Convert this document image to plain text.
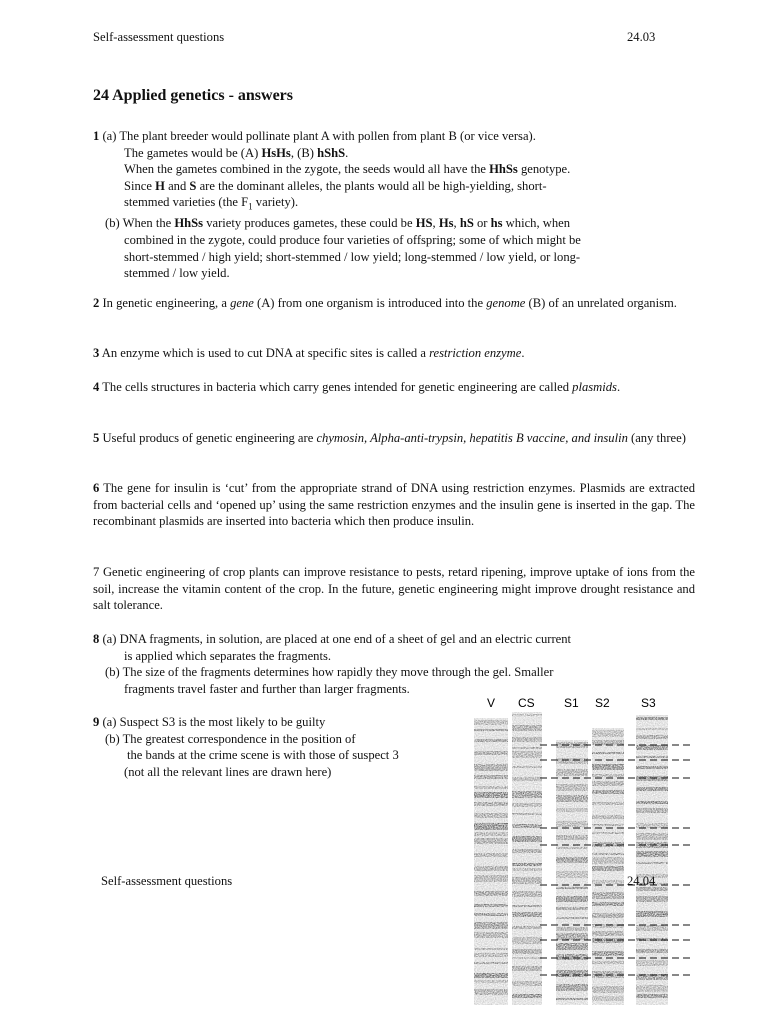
Self-assessment questions	24.03
24 Applied genetics - answers
1 (a) The plant breeder would pollinate plant A with pollen from plant B (or vice versa).
The gametes would be (A) HsHs, (B) hShS.
When the gametes combined in the zygote, the seeds would all have the HhSs genotype.
Since H and S are the dominant alleles, the plants would all be high-yielding, short-
stemmed varieties (the $F_1$ variety).
(b) When the HhSs variety produces gametes, these could be HS, Hs, hS or hs which, when
combined in the zygote, could produce four varieties of offspring; some of which might be
short-stemmed / high yield; short-stemmed / low yield; long-stemmed / low yield, or long-
stemmed / low yield.
2 In genetic engineering, a gene (A) from one organism is introduced into the genome (B) of an unrelated organism.
3 An enzyme which is used to cut DNA at specific sites is called a restriction enzyme.
4 The cells structures in bacteria which carry genes intended for genetic engineering are called plasmids.
5 Useful producs of genetic engineering are chymosin, Alpha-anti-trypsin, hepatitis B vaccine, and insulin (any three)
6 The gene for insulin is ‘cut’ from the appropriate strand of DNA using restriction enzymes. Plasmids are extracted from bacterial cells and ‘opened up’ using the same restriction enzymes and the insulin gene is inserted in the gap. The recombinant plasmids are inserted into bacteria which then produce insulin.
7 Genetic engineering of crop plants can improve resistance to pests, retard ripening, improve uptake of ions from the soil, increase the vitamin content of the crop. In the future, genetic engineering might improve drought resistance and salt tolerance.
8 (a) DNA fragments, in solution, are placed at one end of a sheet of gel and an electric current
is applied which separates the fragments.
(b) The size of the fragments determines how rapidly they move through the gel. Smaller
fragments travel faster and further than larger fragments.
9 (a) Suspect S3 is the most likely to be guilty
(b) The greatest correspondence in the position of
the bands at the crime scene is with those of suspect 3
(not all the relevant lines are drawn here)
Self-assessment questions	24.04
V CS S1 S2	S3
